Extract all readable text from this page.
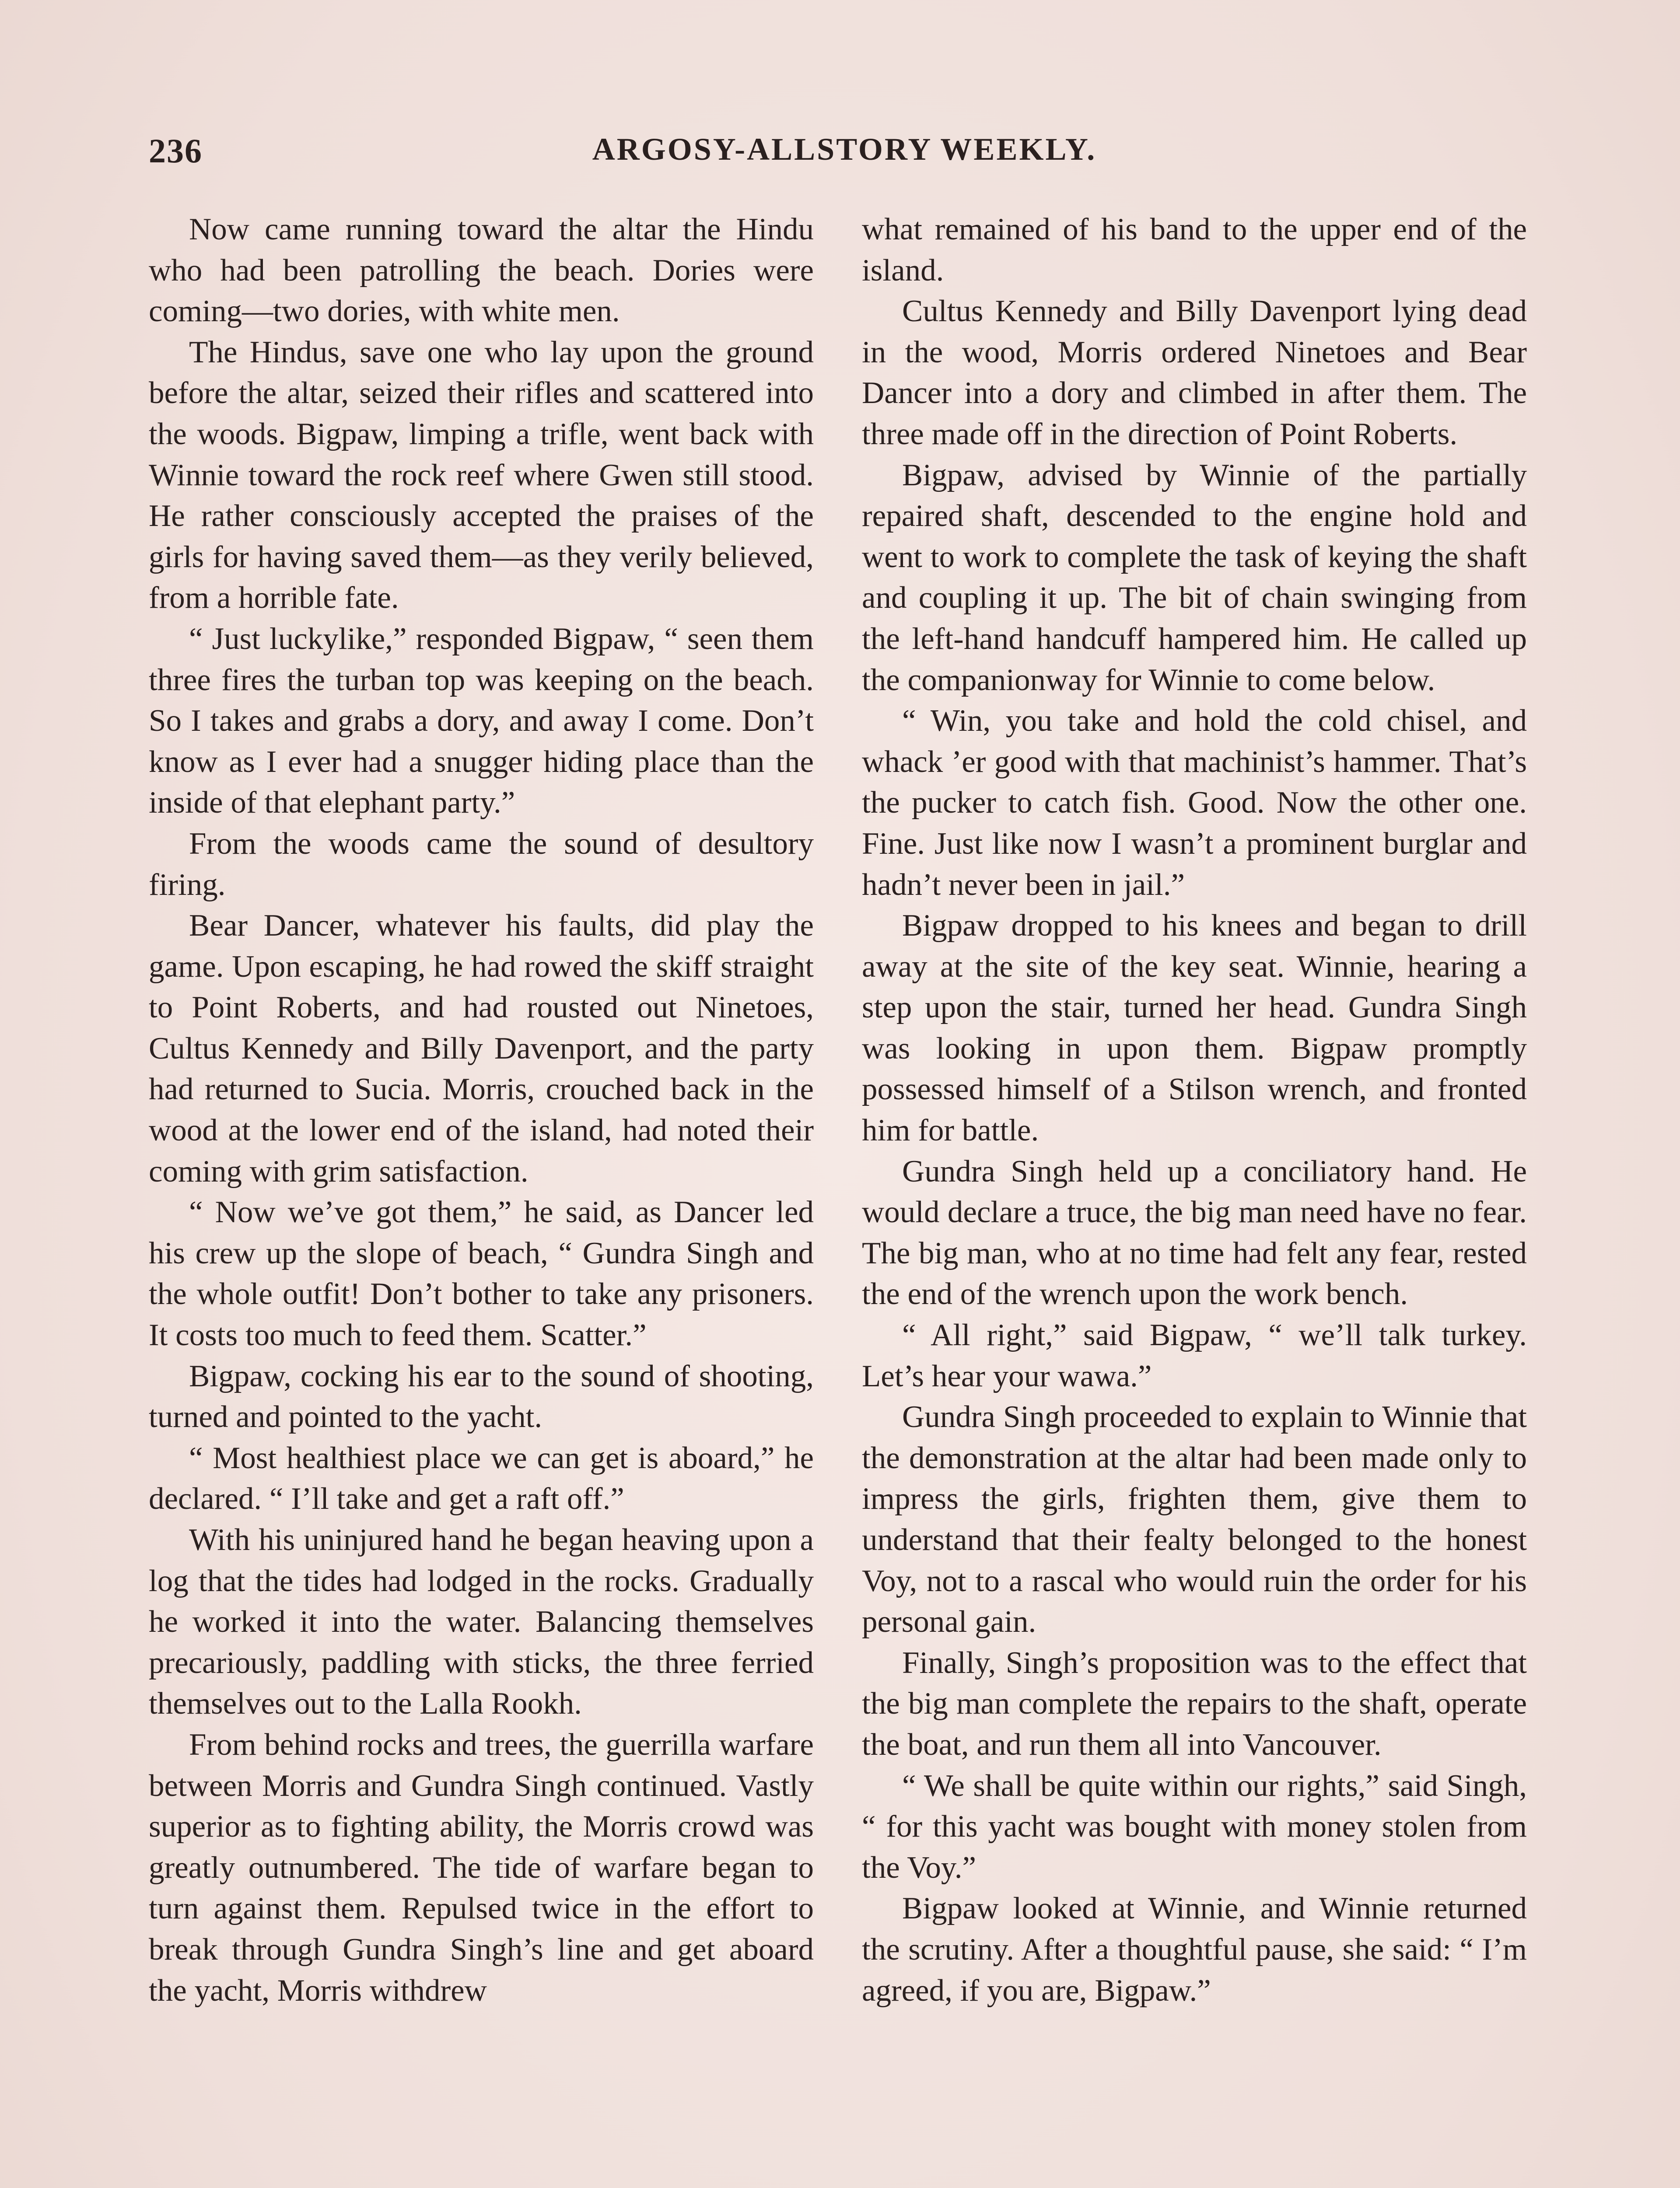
236	ARGOSY-ALLSTORY WEEKLY.

Now came running toward the altar the Hindu who had been patrolling the beach. Dories were coming—two dories, with white men.

The Hindus, save one who lay upon the ground before the altar, seized their rifles and scattered into the woods. Bigpaw, limping a trifle, went back with Winnie toward the rock reef where Gwen still stood. He rather consciously accepted the praises of the girls for having saved them—as they verily believed, from a horrible fate.

“ Just luckylike,” responded Bigpaw, “ seen them three fires the turban top was keeping on the beach. So I takes and grabs a dory, and away I come. Don’t know as I ever had a snugger hiding place than the inside of that elephant party.”

From the woods came the sound of desultory firing.

Bear Dancer, whatever his faults, did play the game. Upon escaping, he had rowed the skiff straight to Point Roberts, and had rousted out Ninetoes, Cultus Kennedy and Billy Davenport, and the party had returned to Sucia. Morris, crouched back in the wood at the lower end of the island, had noted their coming with grim satisfaction.

“ Now we’ve got them,” he said, as Dancer led his crew up the slope of beach, “ Gundra Singh and the whole outfit! Don’t bother to take any prisoners. It costs too much to feed them. Scatter.”

Bigpaw, cocking his ear to the sound of shooting, turned and pointed to the yacht.

“ Most healthiest place we can get is aboard,” he declared. “ I’ll take and get a raft off.”

With his uninjured hand he began heaving upon a log that the tides had lodged in the rocks. Gradually he worked it into the water. Balancing themselves precariously, paddling with sticks, the three ferried themselves out to the Lalla Rookh.

From behind rocks and trees, the guerrilla warfare between Morris and Gundra Singh continued. Vastly superior as to fighting ability, the Morris crowd was greatly outnumbered. The tide of warfare began to turn against them. Repulsed twice in the effort to break through Gundra Singh’s line and get aboard the yacht, Morris withdrew

what remained of his band to the upper end of the island.

Cultus Kennedy and Billy Davenport lying dead in the wood, Morris ordered Ninetoes and Bear Dancer into a dory and climbed in after them. The three made off in the direction of Point Roberts.

Bigpaw, advised by Winnie of the partially repaired shaft, descended to the engine hold and went to work to complete the task of keying the shaft and coupling it up. The bit of chain swinging from the left-hand handcuff hampered him. He called up the companionway for Winnie to come below.

“ Win, you take and hold the cold chisel, and whack ’er good with that machinist’s hammer. That’s the pucker to catch fish. Good. Now the other one. Fine. Just like now I wasn’t a prominent burglar and hadn’t never been in jail.”

Bigpaw dropped to his knees and began to drill away at the site of the key seat. Winnie, hearing a step upon the stair, turned her head. Gundra Singh was looking in upon them. Bigpaw promptly possessed himself of a Stilson wrench, and fronted him for battle.

Gundra Singh held up a conciliatory hand. He would declare a truce, the big man need have no fear. The big man, who at no time had felt any fear, rested the end of the wrench upon the work bench.

“ All right,” said Bigpaw, “ we’ll talk turkey. Let’s hear your wawa.”

Gundra Singh proceeded to explain to Winnie that the demonstration at the altar had been made only to impress the girls, frighten them, give them to understand that their fealty belonged to the honest Voy, not to a rascal who would ruin the order for his personal gain.

Finally, Singh’s proposition was to the effect that the big man complete the repairs to the shaft, operate the boat, and run them all into Vancouver.

“ We shall be quite within our rights,” said Singh, “ for this yacht was bought with money stolen from the Voy.”

Bigpaw looked at Winnie, and Winnie returned the scrutiny. After a thoughtful pause, she said: “ I’m agreed, if you are, Bigpaw.”
